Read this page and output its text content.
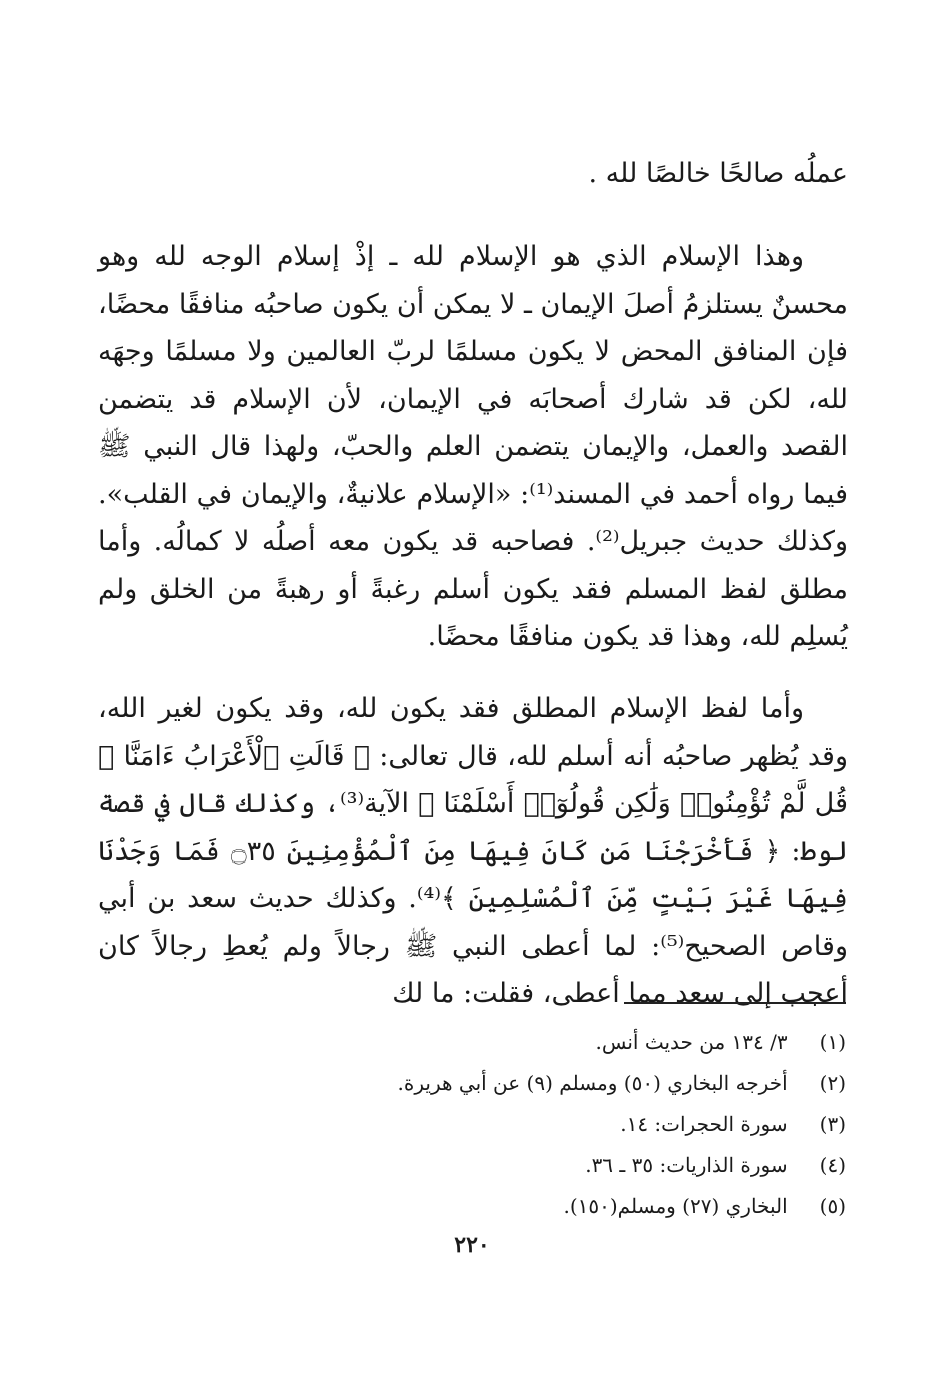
عملُه صالحًا خالصًا لله .

وهذا الإسلام الذي هو الإسلام لله ـ إذْ إسلام الوجه لله وهو محسنٌ يستلزمُ أصلَ الإيمان ـ لا يمكن أن يكون صاحبُه منافقًا محضًا، فإن المنافق المحض لا يكون مسلمًا لربّ العالمين ولا مسلمًا وجهَه لله، لكن قد شارك أصحابَه في الإيمان، لأن الإسلام قد يتضمن القصد والعمل، والإيمان يتضمن العلم والحبّ، ولهذا قال النبي ﷺ فيما رواه أحمد في المسند⁽¹⁾: «الإسلام علانيةٌ، والإيمان في القلب». وكذلك حديث جبريل⁽²⁾. فصاحبه قد يكون معه أصلُه لا كمالُه. وأما مطلق لفظ المسلم فقد يكون أسلم رغبةً أو رهبةً من الخلق ولم يُسلِم لله، وهذا قد يكون منافقًا محضًا.

وأما لفظ الإسلام المطلق فقد يكون لله، وقد يكون لغير الله، وقد يُظهر صاحبُه أنه أسلم لله، قال تعالى: ﴿ قَالَتِ ٱلْأَعْرَابُ ءَامَنَّا ۖ قُل لَّمْ تُؤْمِنُوا۟ وَلَٰكِن قُولُوٓا۟ أَسْلَمْنَا ﴾ الآية⁽³⁾، وكذلك قال في قصة لوط: ﴿ فَأَخْرَجْنَا مَن كَانَ فِيهَا مِنَ ٱلْمُؤْمِنِينَ ۝٣٥ فَمَا وَجَدْنَا فِيهَا غَيْرَ بَيْتٍ مِّنَ ٱلْمُسْلِمِينَ ﴾⁽⁴⁾. وكذلك حديث سعد بن أبي وقاص الصحيح⁽⁵⁾: لما أعطى النبي ﷺ رجالاً ولم يُعطِ رجالاً كان أعجب إلى سعد مما أعطى، فقلت: ما لك

(١) ٣/ ١٣٤ من حديث أنس.
(٢) أخرجه البخاري (٥٠) ومسلم (٩) عن أبي هريرة.
(٣) سورة الحجرات: ١٤.
(٤) سورة الذاريات: ٣٥ ـ ٣٦.
(٥) البخاري (٢٧) ومسلم(١٥٠).
٢٢٠
